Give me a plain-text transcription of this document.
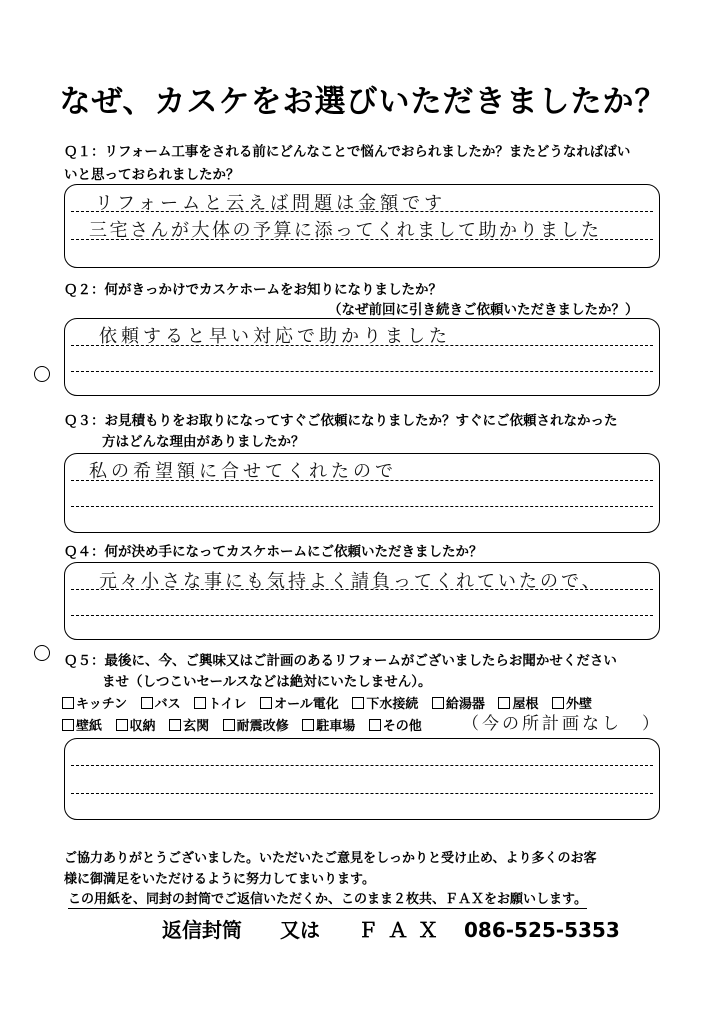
なぜ、カスケをお選びいただきましたか？
Ｑ１：リフォーム工事をされる前にどんなことで悩んでおられましたか？またどうなればばい
いと思っておられましたか？
リフォームと云えば問題は金額です
三宅さんが大体の予算に添ってくれまして助かりました
Ｑ２：何がきっかけでカスケホームをお知りになりましたか？
（なぜ前回に引き続きご依頼いただきましたか？）
依頼すると早い対応で助かりました
Ｑ３：お見積もりをお取りになってすぐご依頼になりましたか？すぐにご依頼されなかった
方はどんな理由がありましたか？
私の希望額に合せてくれたので
Ｑ４：何が決め手になってカスケホームにご依頼いただきましたか？
元々小さな事にも気持よく請負ってくれていたので、
Ｑ５：最後に、今、ご興味又はご計画のあるリフォームがございましたらお聞かせください
ませ（しつこいセールスなどは絶対にいたしません）。
キッチン バス トイレ オール電化 下水接続 給湯器 屋根 外壁
壁紙 収納 玄関 耐震改修 駐車場 その他	（今の所計画なし　）
ご協力ありがとうございました。いただいたご意見をしっかりと受け止め、より多くのお客
様に御満足をいただけるように努力してまいります。
この用紙を、同封の封筒でご返信いただくか、このまま２枚共、ＦＡＸをお願いします。
返信封筒 又は ＦＡＸ 086-525-5353
